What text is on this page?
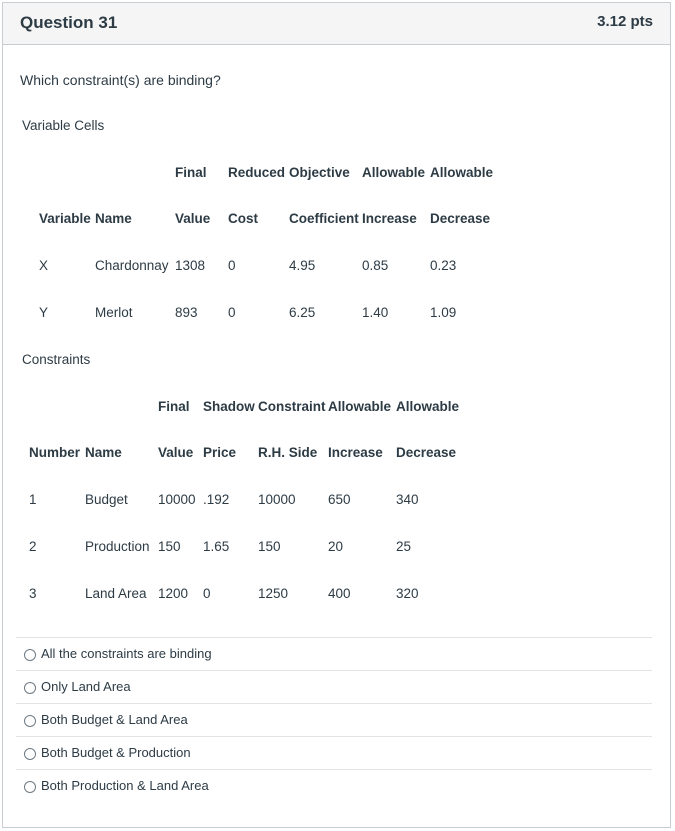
Question 31	3.12 pts
Which constraint(s) are binding?
Variable Cells
Final Reduced Objective Allowable Allowable
Variable Name	Value Cost Coefficient Increase Decrease
X	Chardonnay 1308 0	4.95	0.85	0.23
Y	Merlot	893 0	6.25	1.40	1.09
Constraints
Final Shadow Constraint Allowable Allowable
Number Name	Value Price R.H. Side Increase Decrease
1	Budget 10000 .192 10000 650	340
2	Production 150 1.65 150	20	25
3	Land Area 1200 0	1250	400	320
All the constraints are binding
Only Land Area
Both Budget & Land Area
Both Budget & Production
Both Production & Land Area
